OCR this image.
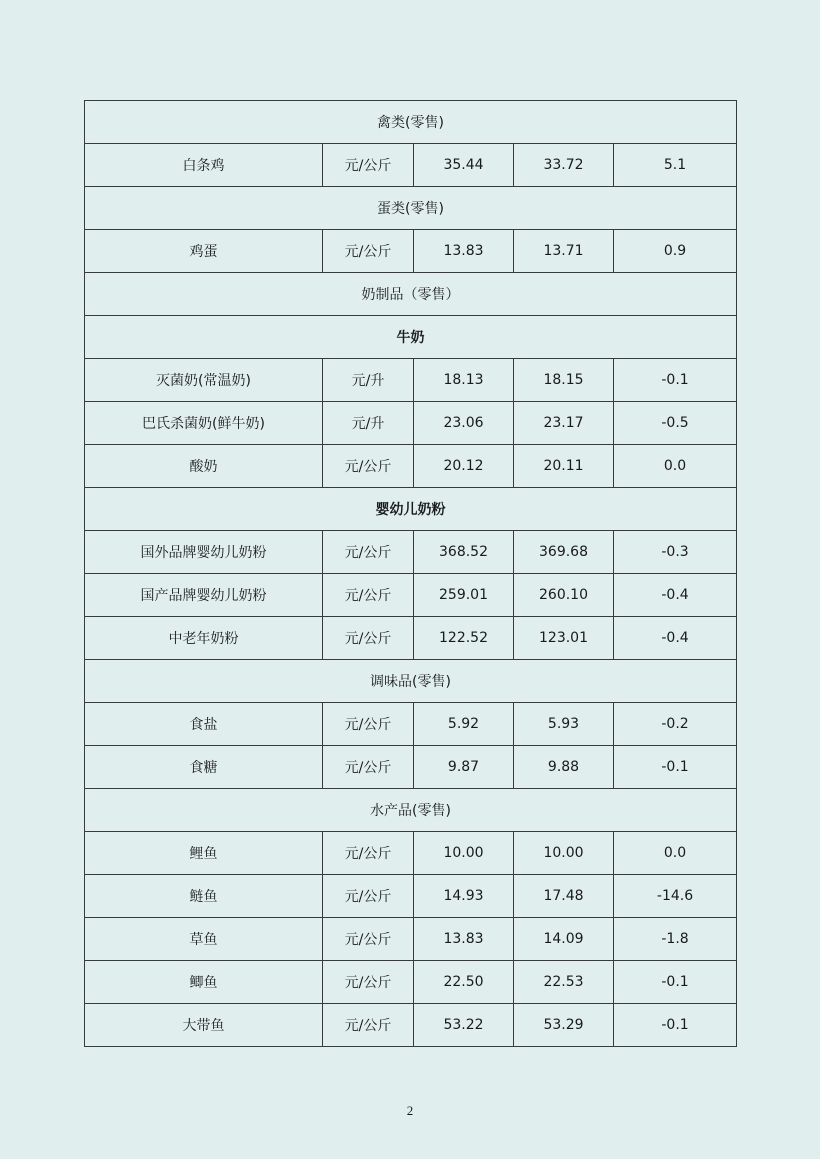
禽类(零售)				
白条鸡	元/公斤	35.44	33.72	5.1
蛋类(零售)				
鸡蛋	元/公斤	13.83	13.71	0.9
奶制品（零售）				
牛奶				
灭菌奶(常温奶)	元/升	18.13	18.15	-0.1
巴氏杀菌奶(鲜牛奶)	元/升	23.06	23.17	-0.5
酸奶	元/公斤	20.12	20.11	0.0
婴幼儿奶粉				
国外品牌婴幼儿奶粉	元/公斤	368.52	369.68	-0.3
国产品牌婴幼儿奶粉	元/公斤	259.01	260.10	-0.4
中老年奶粉	元/公斤	122.52	123.01	-0.4
调味品(零售)				
食盐	元/公斤	5.92	5.93	-0.2
食糖	元/公斤	9.87	9.88	-0.1
水产品(零售)				
鲤鱼	元/公斤	10.00	10.00	0.0
鲢鱼	元/公斤	14.93	17.48	-14.6
草鱼	元/公斤	13.83	14.09	-1.8
鲫鱼	元/公斤	22.50	22.53	-0.1
大带鱼	元/公斤	53.22	53.29	-0.1
2
